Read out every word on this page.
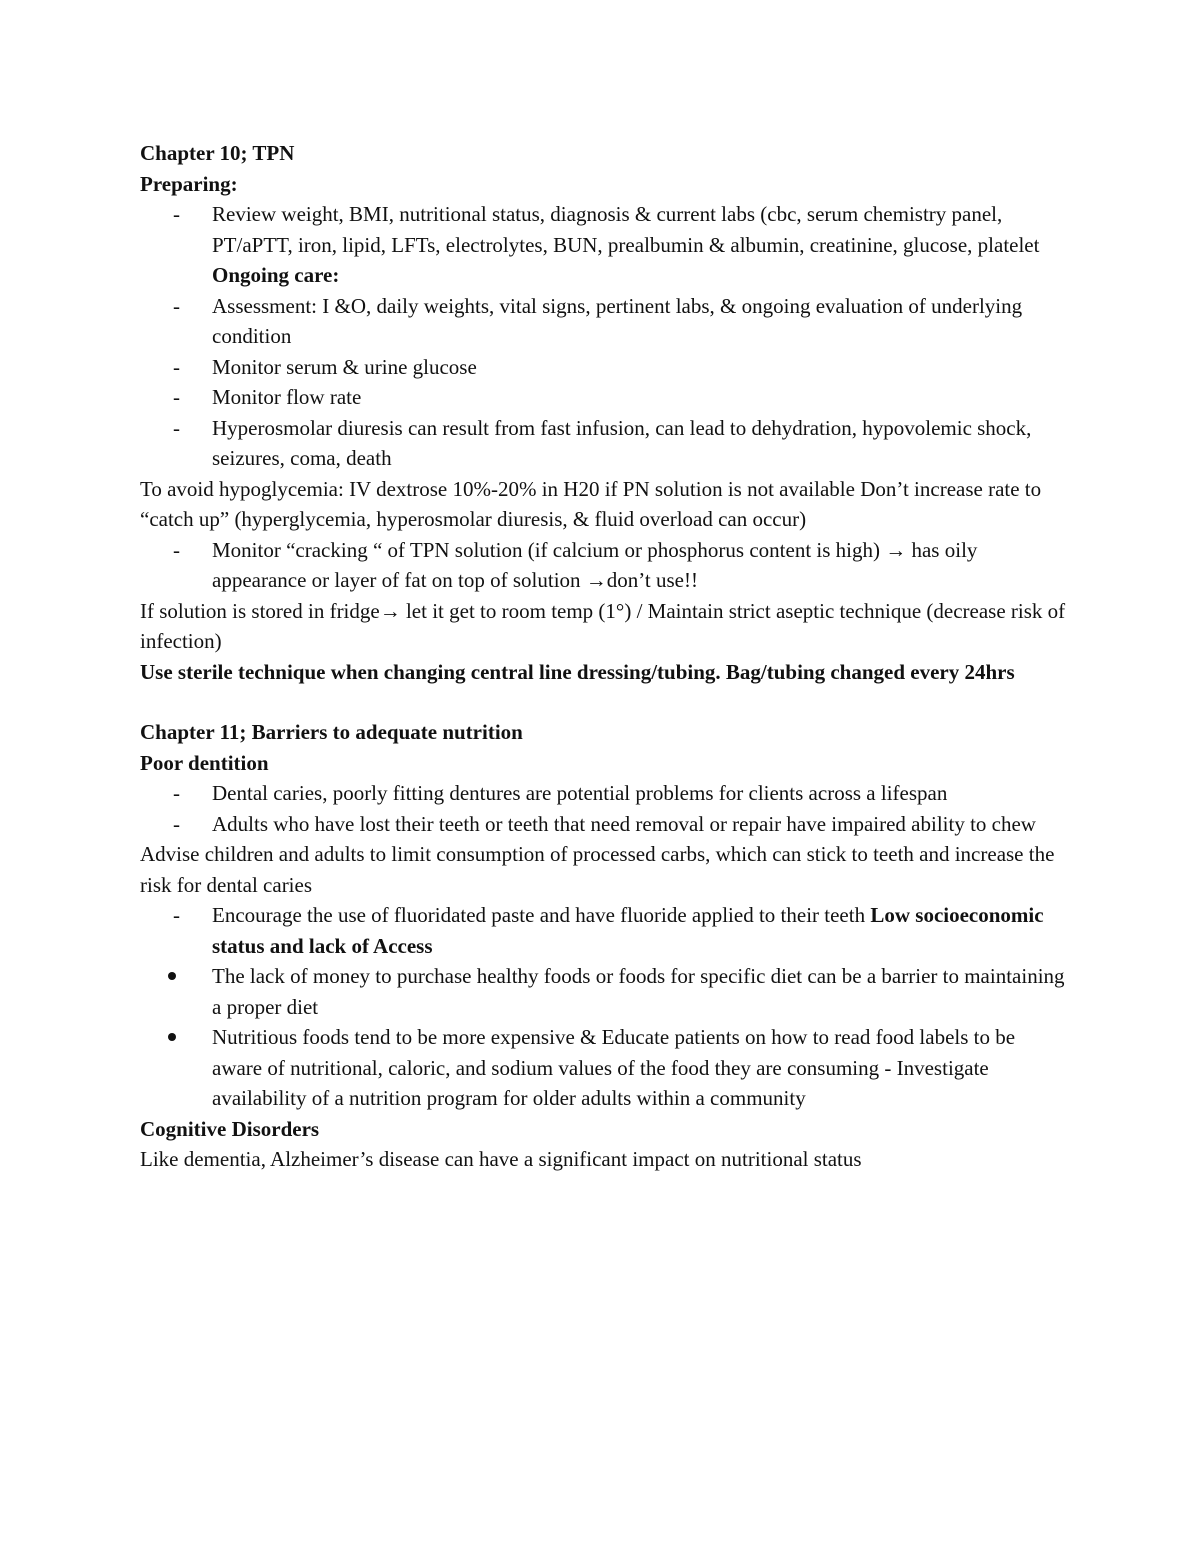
Chapter 10; TPN
Preparing:
- Review weight, BMI, nutritional status, diagnosis & current labs (cbc, serum chemistry panel, PT/aPTT, iron, lipid, LFTs, electrolytes, BUN, prealbumin & albumin, creatinine, glucose, platelet Ongoing care:
- Assessment: I &O, daily weights, vital signs, pertinent labs, & ongoing evaluation of underlying condition
- Monitor serum & urine glucose
- Monitor flow rate
- Hyperosmolar diuresis can result from fast infusion, can lead to dehydration, hypovolemic shock, seizures, coma, death

To avoid hypoglycemia: IV dextrose 10%-20% in H20 if PN solution is not available Don’t increase rate to “catch up” (hyperglycemia, hyperosmolar diuresis, & fluid overload can occur)

- Monitor “cracking “ of TPN solution (if calcium or phosphorus content is high) → has oily appearance or layer of fat on top of solution →don’t use!!

If solution is stored in fridge→ let it get to room temp (1°) / Maintain strict aseptic technique (decrease risk of infection)

Use sterile technique when changing central line dressing/tubing. Bag/tubing changed every 24hrs

Chapter 11; Barriers to adequate nutrition
Poor dentition
- Dental caries, poorly fitting dentures are potential problems for clients across a lifespan
- Adults who have lost their teeth or teeth that need removal or repair have impaired ability to chew

Advise children and adults to limit consumption of processed carbs, which can stick to teeth and increase the risk for dental caries

- Encourage the use of fluoridated paste and have fluoride applied to their teeth Low socioeconomic status and lack of Access
The lack of money to purchase healthy foods or foods for specific diet can be a barrier to maintaining a proper diet
Nutritious foods tend to be more expensive & Educate patients on how to read food labels to be aware of nutritional, caloric, and sodium values of the food they are consuming - Investigate availability of a nutrition program for older adults within a community
Cognitive Disorders

Like dementia, Alzheimer’s disease can have a significant impact on nutritional status
